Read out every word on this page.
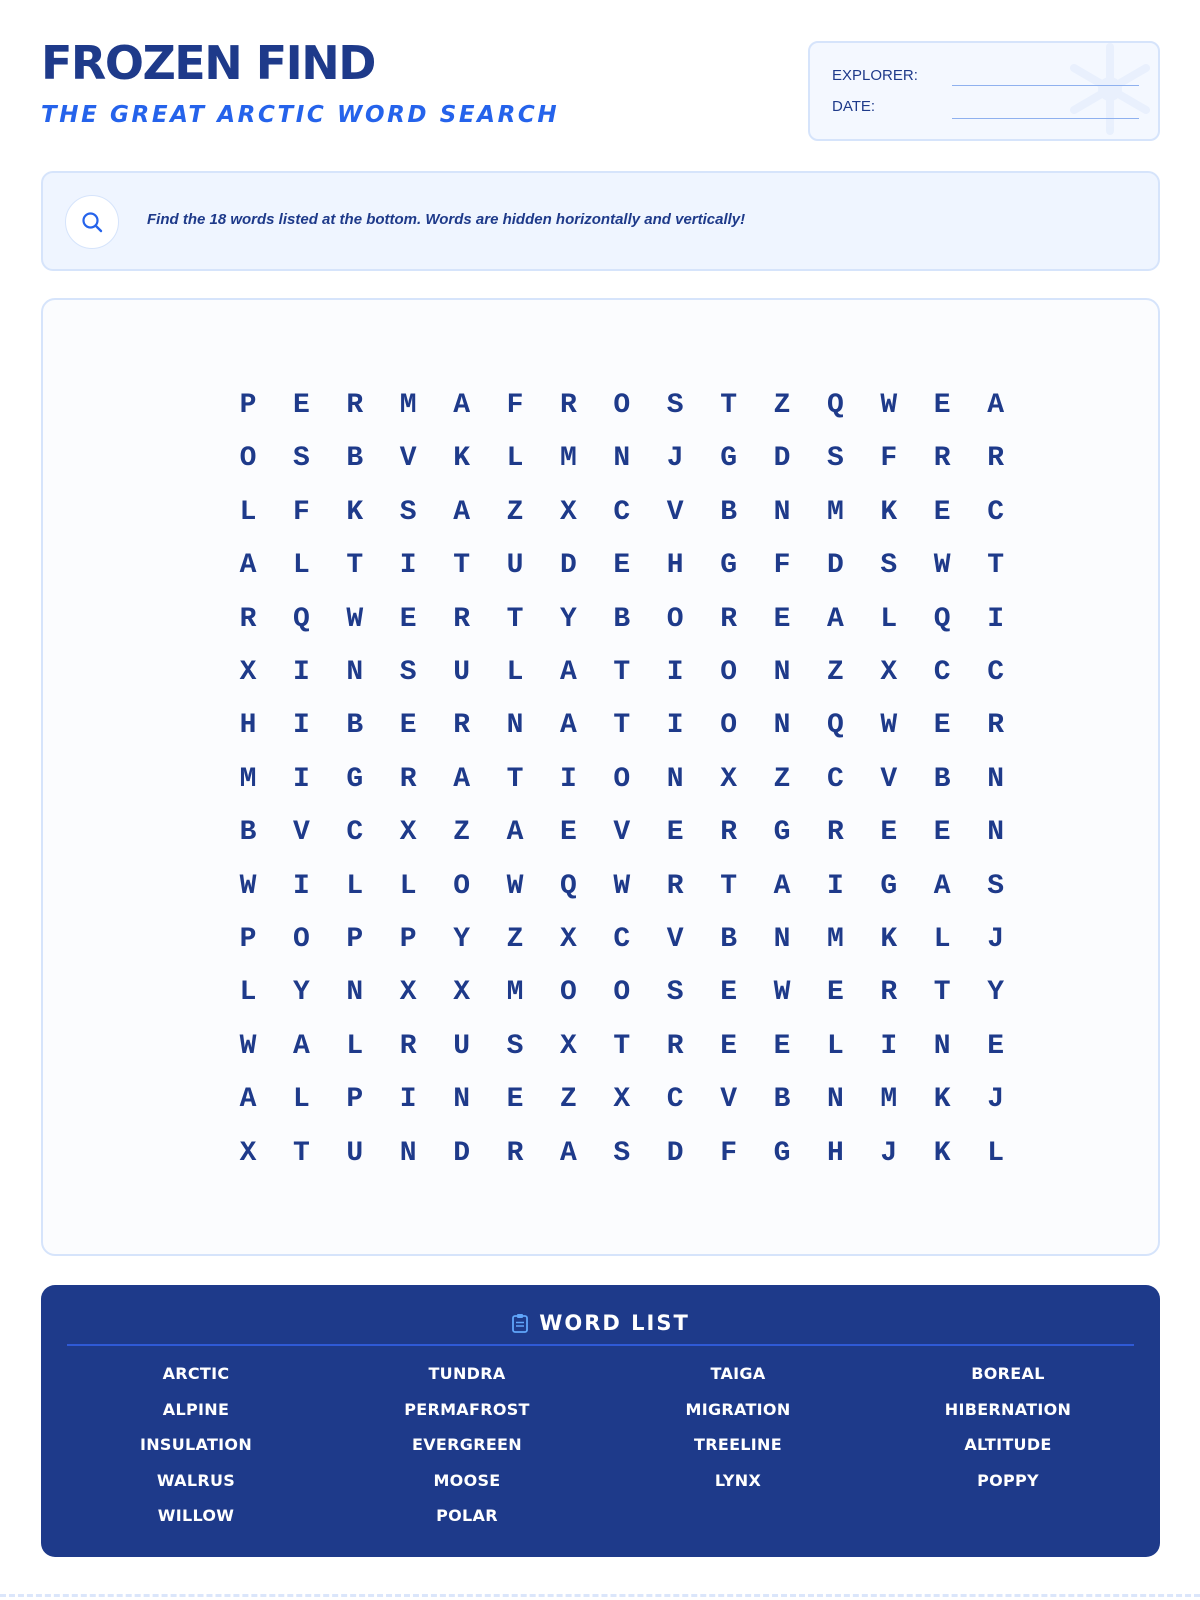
FROZEN FIND
THE GREAT ARCTIC WORD SEARCH
EXPLORER:
DATE:
Find the 18 words listed at the bottom. Words are hidden horizontally and vertically!
P	E	R	M	A	F	R	O	S	T	Z	Q	W	E	A
O	S	B	V	K	L	M	N	J	G	D	S	F	R	R
L	F	K	S	A	Z	X	C	V	B	N	M	K	E	C
A	L	T	I	T	U	D	E	H	G	F	D	S	W	T
R	Q	W	E	R	T	Y	B	O	R	E	A	L	Q	I
X	I	N	S	U	L	A	T	I	O	N	Z	X	C	C
H	I	B	E	R	N	A	T	I	O	N	Q	W	E	R
M	I	G	R	A	T	I	O	N	X	Z	C	V	B	N
B	V	C	X	Z	A	E	V	E	R	G	R	E	E	N
W	I	L	L	O	W	Q	W	R	T	A	I	G	A	S
P	O	P	P	Y	Z	X	C	V	B	N	M	K	L	J
L	Y	N	X	X	M	O	O	S	E	W	E	R	T	Y
W	A	L	R	U	S	X	T	R	E	E	L	I	N	E
A	L	P	I	N	E	Z	X	C	V	B	N	M	K	J
X	T	U	N	D	R	A	S	D	F	G	H	J	K	L
WORD LIST
ARCTIC	TUNDRA	TAIGA	BOREAL
ALPINE	PERMAFROST	MIGRATION	HIBERNATION
INSULATION	EVERGREEN	TREELINE	ALTITUDE
WALRUS	MOOSE	LYNX	POPPY
WILLOW	POLAR
